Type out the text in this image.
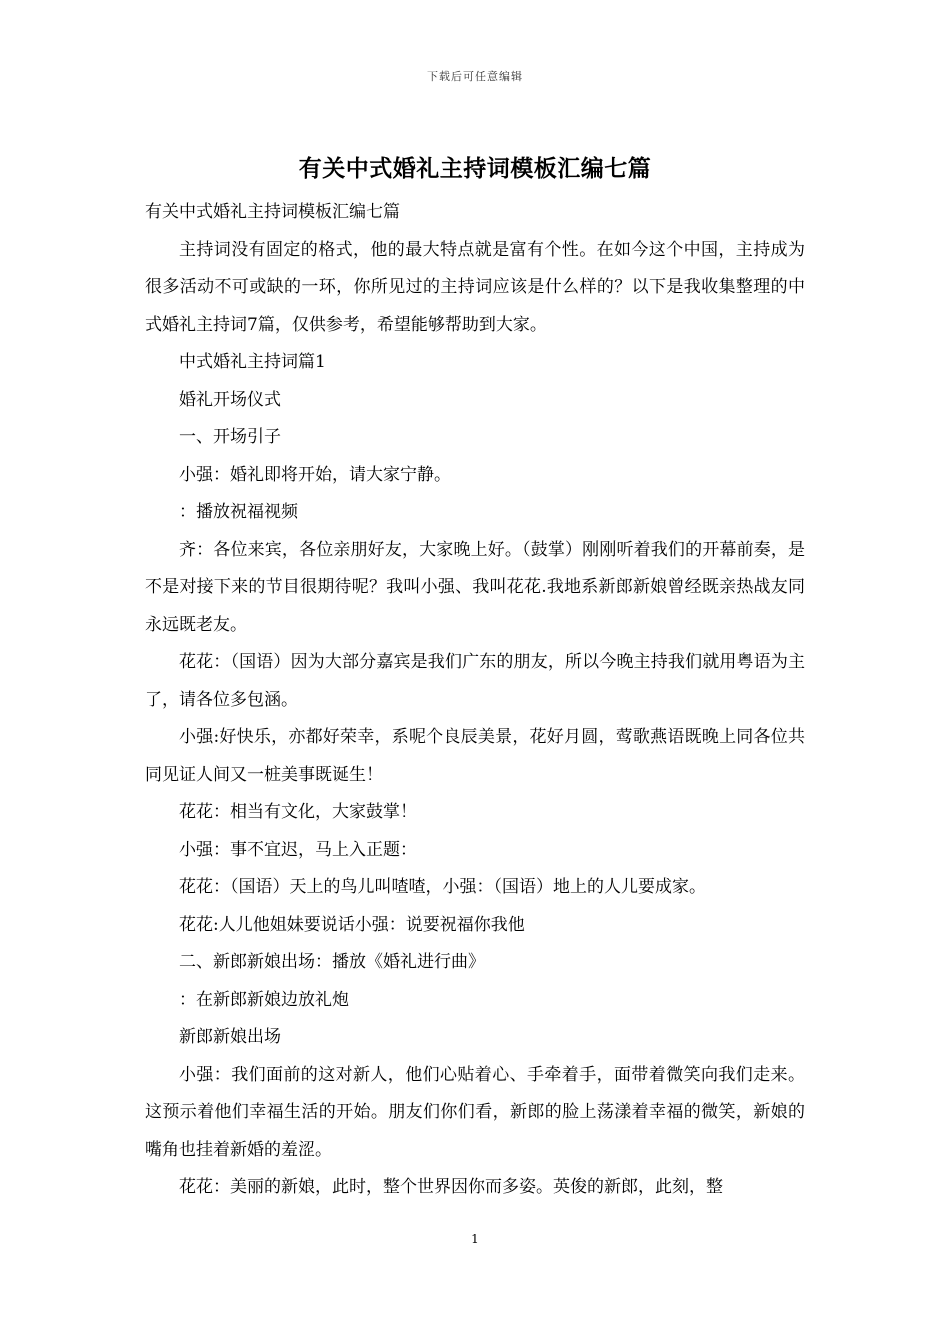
下载后可任意编辑
有关中式婚礼主持词模板汇编七篇

有关中式婚礼主持词模板汇编七篇

主持词没有固定的格式，他的最大特点就是富有个性。在如今这个中国，主持成为很多活动不可或缺的一环，你所见过的主持词应该是什么样的？以下是我收集整理的中式婚礼主持词7篇，仅供参考，希望能够帮助到大家。

中式婚礼主持词篇1

婚礼开场仪式

一、开场引子

小强：婚礼即将开始，请大家宁静。

：播放祝福视频

齐：各位来宾，各位亲朋好友，大家晚上好。（鼓掌）刚刚听着我们的开幕前奏，是不是对接下来的节目很期待呢？我叫小强、我叫花花.我地系新郎新娘曾经既亲热战友同永远既老友。

花花：（国语）因为大部分嘉宾是我们广东的朋友，所以今晚主持我们就用粤语为主了，请各位多包涵。

小强:好快乐，亦都好荣幸，系呢个良辰美景，花好月圆，莺歌燕语既晚上同各位共同见证人间又一桩美事既诞生！

花花：相当有文化，大家鼓掌！

小强：事不宜迟，马上入正题：

花花：（国语）天上的鸟儿叫喳喳，小强：（国语）地上的人儿要成家。

花花:人儿他姐妹要说话小强：说要祝福你我他

二、新郎新娘出场：播放《婚礼进行曲》

：在新郎新娘边放礼炮

新郎新娘出场

小强：我们面前的这对新人，他们心贴着心、手牵着手，面带着微笑向我们走来。这预示着他们幸福生活的开始。朋友们你们看，新郎的脸上荡漾着幸福的微笑，新娘的嘴角也挂着新婚的羞涩。

花花：美丽的新娘，此时，整个世界因你而多姿。英俊的新郎，此刻，整

1
